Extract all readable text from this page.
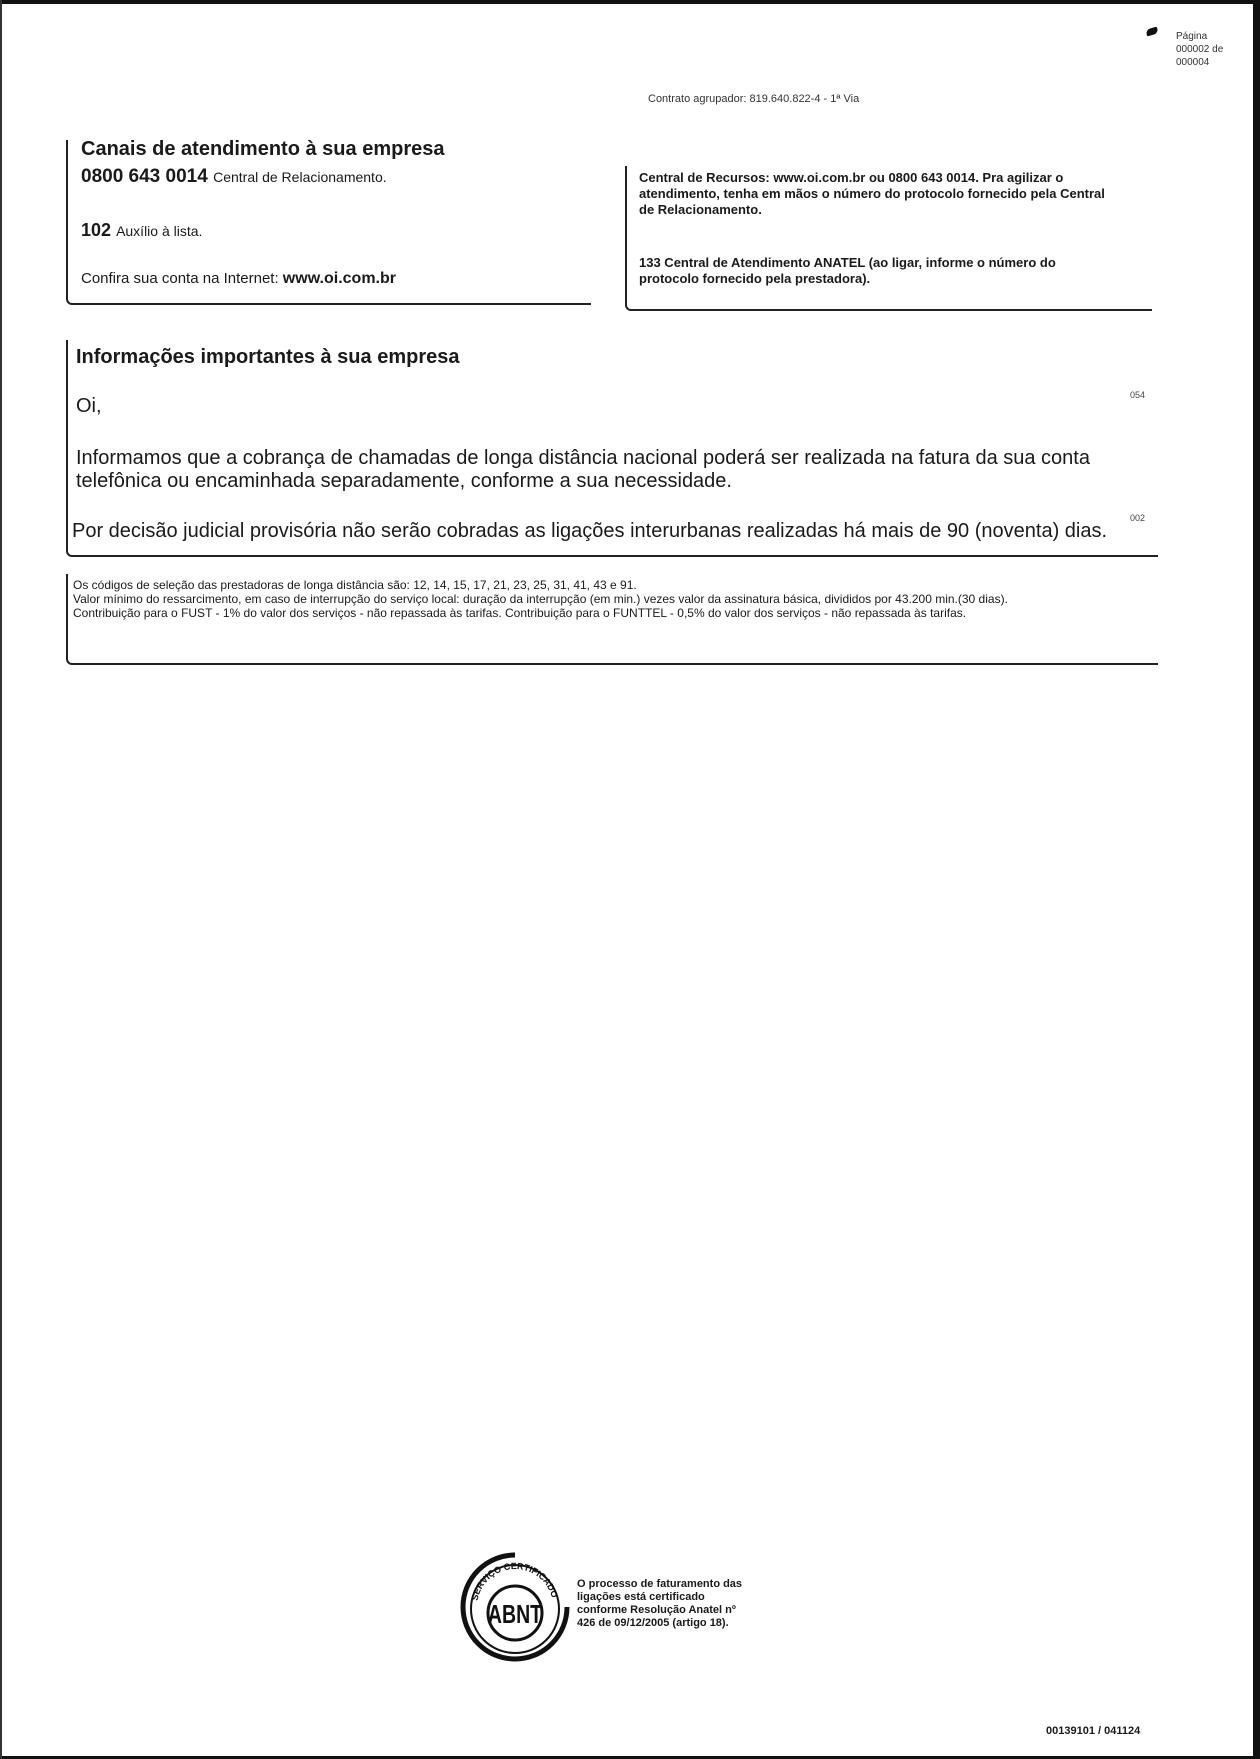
Página 000002 de 000004
Contrato agrupador: 819.640.822-4 - 1ª Via
Canais de atendimento à sua empresa
0800 643 0014 Central de Relacionamento.
102 Auxílio à lista.
Confira sua conta na Internet: www.oi.com.br
Central de Recursos: www.oi.com.br ou 0800 643 0014. Pra agilizar o atendimento, tenha em mãos o número do protocolo fornecido pela Central de Relacionamento.
133 Central de Atendimento ANATEL (ao ligar, informe o número do protocolo fornecido pela prestadora).
Informações importantes à sua empresa
Oi,
Informamos que a cobrança de chamadas de longa distância nacional poderá ser realizada na fatura da sua conta telefônica ou encaminhada separadamente, conforme a sua necessidade.
Por decisão judicial provisória não serão cobradas as ligações interurbanas realizadas há mais de 90 (noventa) dias.
054
002
Os códigos de seleção das prestadoras de longa distância são: 12, 14, 15, 17, 21, 23, 25, 31, 41, 43 e 91.
Valor mínimo do ressarcimento, em caso de interrupção do serviço local: duração da interrupção (em min.) vezes valor da assinatura básica, divididos por 43.200 min.(30 dias).
Contribuição para o FUST - 1% do valor dos serviços - não repassada às tarifas. Contribuição para o FUNTTEL - 0,5% do valor dos serviços - não repassada às tarifas.
SERVIÇO CERTIFICADO
ABNT
O processo de faturamento das ligações está certificado conforme Resolução Anatel nº 426 de 09/12/2005 (artigo 18).
00139101 / 041124
